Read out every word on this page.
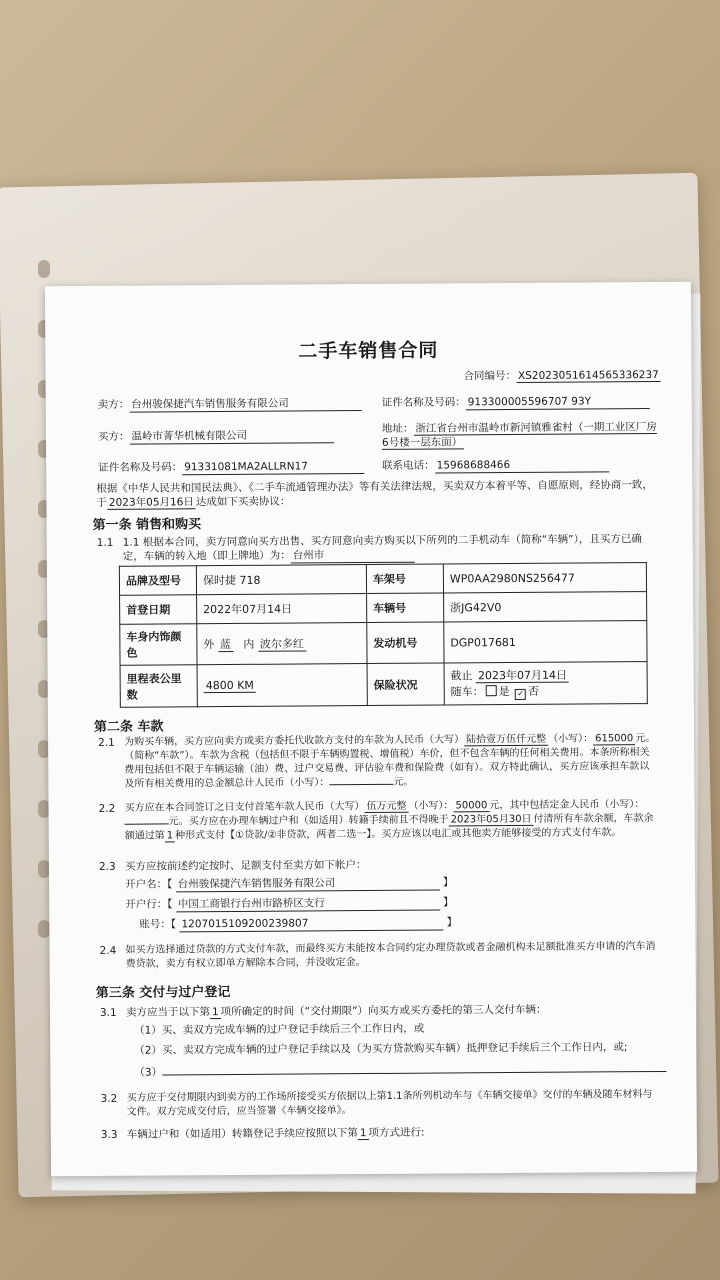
二手车销售合同
合同编号： XS2023051614565336237
卖方： 台州骏保捷汽车销售服务有限公司	证件名称及号码： 913300005596707 93Y
买方： 温岭市菁华机械有限公司
地址： 浙江省台州市温岭市新河镇雅雀村（一期工业区厂房6号楼一层东面）
证件名称及号码： 91331081MA2ALLRN17	联系电话： 15968688466
根据《中华人民共和国民法典》、《二手车流通管理办法》等有关法律法规，买卖双方本着平等、自愿原则，经协商一致，于 2023年05月16日 达成如下买卖协议：
第一条 销售和购买
1.1 1.1 根据本合同，卖方同意向买方出售、买方同意向卖方购买以下所列的二手机动车（简称“车辆”），且买方已确定，车辆的转入地（即上牌地）为： 台州市
品牌及型号	保时捷 718	车架号	WP0AA2980NS256477
首登日期	2022年07月14日	车辆号	浙JG42V0
车身内饰颜色	外 蓝 内 波尔多红	发动机号	DGP017681
里程表公里数	4800 KM	保险状况	截止 2023年07月14日
随车： 是 ✓ 否
第二条 车款
2.1 为购买车辆，买方应向卖方或卖方委托代收款方支付的车款为人民币（大写） 陆拾壹万伍仟元整 （小写）： 615000 元。（简称“车款”）。车款为含税（包括但不限于车辆购置税、增值税）车价，但不包含车辆的任何相关费用。本条所称相关费用包括但不限于车辆运输（油）费、过户交易费、评估验车费和保险费（如有）。双方特此确认，买方应该承担车款以及所有相关费用的总金额总计人民币（小写）：	元。
2.2 买方应在本合同签订之日支付首笔车款人民币（大写） 伍万元整 （小写）： 50000 元，其中包括定金人民币（小写）：元。买方应在办理车辆过户和（如适用）转籍手续前且不得晚于 2023年05月30日 付清所有车款余额，车款余额通过第 1 种形式支付【①贷款/②非贷款，两者二选一】。买方应该以电汇或其他卖方能够接受的方式支付车款。
2.3 买方应按前述约定按时、足额支付至卖方如下帐户：
开户名：【 台州骏保捷汽车销售服务有限公司	】
开户行：【 中国工商银行台州市路桥区支行	】
账号：【 1207015109200239807	】
2.4 如买方选择通过贷款的方式支付车款，而最终买方未能按本合同约定办理贷款或者金融机构未足额批准买方申请的汽车消费贷款，卖方有权立即单方解除本合同，并没收定金。
第三条 交付与过户登记
3.1 卖方应当于以下第 1 项所确定的时间（“交付期限”）向买方或买方委托的第三人交付车辆：
（1）买、卖双方完成车辆的过户登记手续后三个工作日内，或
（2）买、卖双方完成车辆的过户登记手续以及（为买方贷款购买车辆）抵押登记手续后三个工作日内，或;
（3）
3.2 买方应于交付期限内到卖方的工作场所接受买方依据以上第1.1条所列机动车与《车辆交接单》交付的车辆及随车材料与文件。双方完成交付后，应当签署《车辆交接单》。
3.3 车辆过户和（如适用）转籍登记手续应按照以下第 1 项方式进行:
